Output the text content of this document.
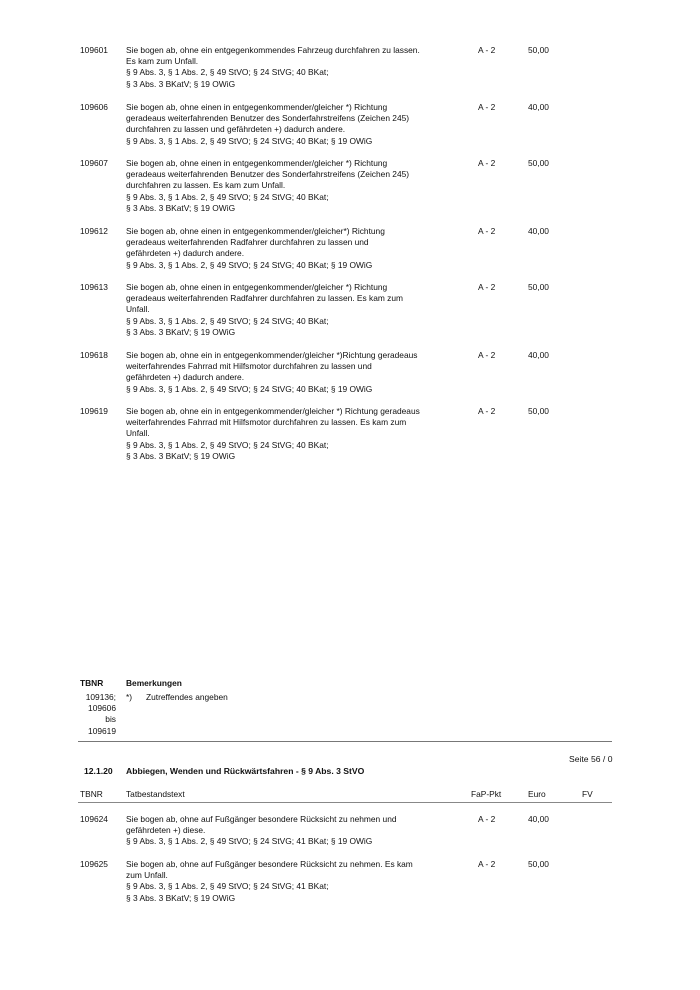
109601 Sie bogen ab, ohne ein entgegenkommendes Fahrzeug durchfahren zu lassen.
Es kam zum Unfall.
§ 9 Abs. 3, § 1 Abs. 2, § 49 StVO; § 24 StVG; 40 BKat;
§ 3 Abs. 3 BKatV; § 19 OWiG
A - 2	50,00
109606 Sie bogen ab, ohne einen in entgegenkommender/gleicher *) Richtung
geradeaus weiterfahrenden Benutzer des Sonderfahrstreifens (Zeichen 245)
durchfahren zu lassen und gefährdeten +) dadurch andere.
§ 9 Abs. 3, § 1 Abs. 2, § 49 StVO; § 24 StVG; 40 BKat; § 19 OWiG
A - 2	40,00
109607 Sie bogen ab, ohne einen in entgegenkommender/gleicher *) Richtung
geradeaus weiterfahrenden Benutzer des Sonderfahrstreifens (Zeichen 245)
durchfahren zu lassen. Es kam zum Unfall.
§ 9 Abs. 3, § 1 Abs. 2, § 49 StVO; § 24 StVG; 40 BKat;
§ 3 Abs. 3 BKatV; § 19 OWiG
A - 2	50,00
109612 Sie bogen ab, ohne einen in entgegenkommender/gleicher*) Richtung
geradeaus weiterfahrenden Radfahrer durchfahren zu lassen und
gefährdeten +) dadurch andere.
§ 9 Abs. 3, § 1 Abs. 2, § 49 StVO; § 24 StVG; 40 BKat; § 19 OWiG
A - 2	40,00
109613 Sie bogen ab, ohne einen in entgegenkommender/gleicher *) Richtung
geradeaus weiterfahrenden Radfahrer durchfahren zu lassen. Es kam zum
Unfall.
§ 9 Abs. 3, § 1 Abs. 2, § 49 StVO; § 24 StVG; 40 BKat;
§ 3 Abs. 3 BKatV; § 19 OWiG
A - 2	50,00
109618 Sie bogen ab, ohne ein in entgegenkommender/gleicher *)Richtung geradeaus
weiterfahrendes Fahrrad mit Hilfsmotor durchfahren zu lassen und
gefährdeten +) dadurch andere.
§ 9 Abs. 3, § 1 Abs. 2, § 49 StVO; § 24 StVG; 40 BKat; § 19 OWiG
A - 2	40,00
109619 Sie bogen ab, ohne ein in entgegenkommender/gleicher *) Richtung geradeaus
weiterfahrendes Fahrrad mit Hilfsmotor durchfahren zu lassen. Es kam zum
Unfall.
§ 9 Abs. 3, § 1 Abs. 2, § 49 StVO; § 24 StVG; 40 BKat;
§ 3 Abs. 3 BKatV; § 19 OWiG
A - 2	50,00
TBNR	Bemerkungen
109136;
109606
bis
109619
*) Zutreffendes angeben
Seite 56 / 0
12.1.20 Abbiegen, Wenden und Rückwärtsfahren - § 9 Abs. 3 StVO
TBNR	Tatbestandstext	FaP-Pkt	Euro	FV
109624 Sie bogen ab, ohne auf Fußgänger besondere Rücksicht zu nehmen und
gefährdeten +) diese.
§ 9 Abs. 3, § 1 Abs. 2, § 49 StVO; § 24 StVG; 41 BKat; § 19 OWiG
A - 2	40,00
109625 Sie bogen ab, ohne auf Fußgänger besondere Rücksicht zu nehmen. Es kam
zum Unfall.
§ 9 Abs. 3, § 1 Abs. 2, § 49 StVO; § 24 StVG; 41 BKat;
§ 3 Abs. 3 BKatV; § 19 OWiG
A - 2	50,00
